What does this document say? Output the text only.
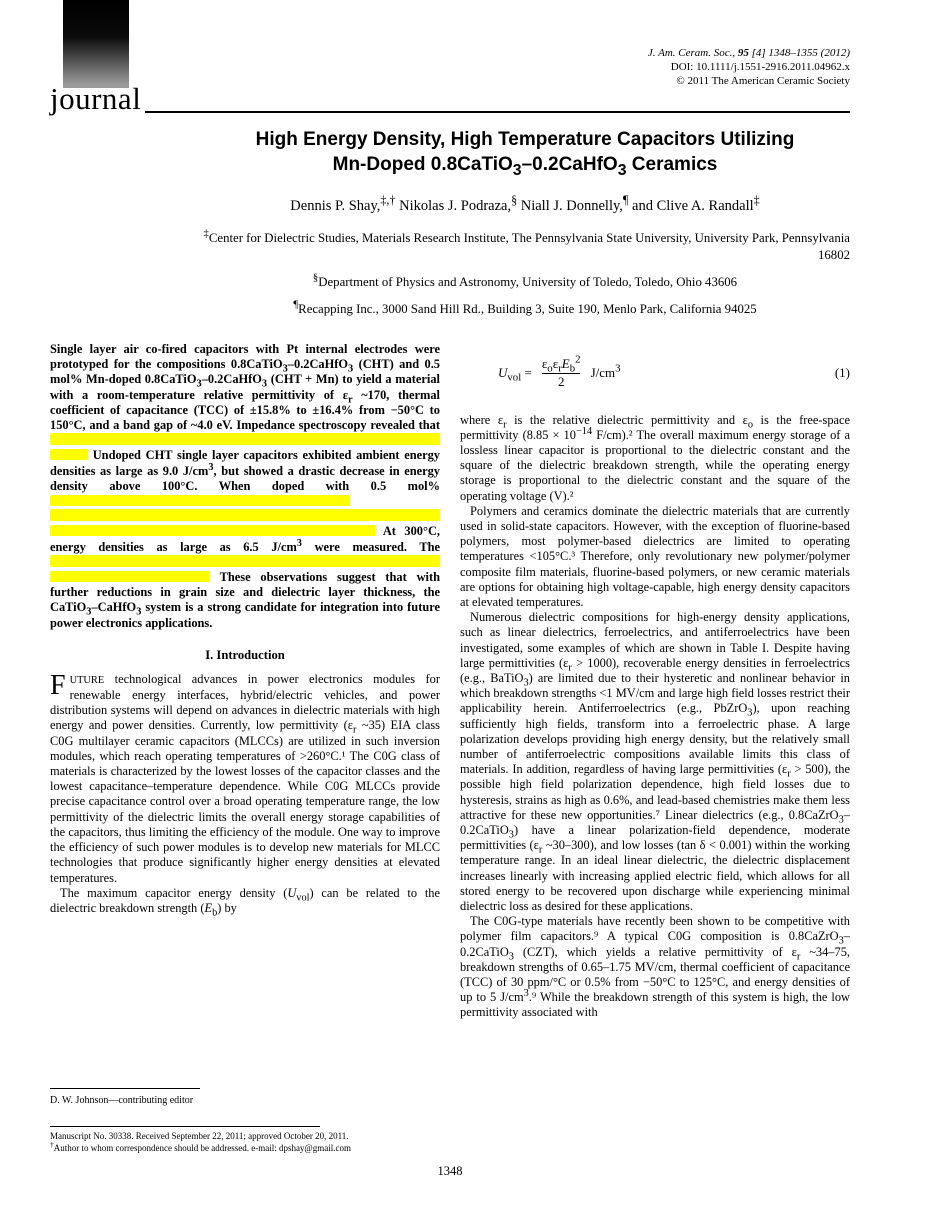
journal
J. Am. Ceram. Soc., 95 [4] 1348–1355 (2012)
DOI: 10.1111/j.1551-2916.2011.04962.x
© 2011 The American Ceramic Society
High Energy Density, High Temperature Capacitors Utilizing
Mn-Doped 0.8CaTiO$_3$–0.2CaHfO$_3$ Ceramics
Dennis P. Shay,‡,† Nikolas J. Podraza,§ Niall J. Donnelly,¶ and Clive A. Randall‡

‡Center for Dielectric Studies, Materials Research Institute, The Pennsylvania State University, University Park, Pennsylvania 16802

§Department of Physics and Astronomy, University of Toledo, Toledo, Ohio 43606

¶Recapping Inc., 3000 Sand Hill Rd., Building 3, Suite 190, Menlo Park, California 94025

Single layer air co-fired capacitors with Pt internal electrodes were prototyped for the compositions 0.8CaTiO$_3$–0.2CaHfO$_3$ (CHT) and 0.5 mol% Mn-doped 0.8CaTiO$_3$–0.2CaHfO$_3$ (CHT + Mn) to yield a material with a room-temperature relative permittivity of $\varepsilon_r$ ~170, thermal coefficient of capacitance (TCC) of ±15.8% to ±16.4% from −50°C to 150°C, and a band gap of ~4.0 eV. Impedance spectroscopy revealed that   Undoped CHT single layer capacitors exhibited ambient energy densities as large as 9.0 $J/cm^3$, but showed a drastic decrease in energy density above 100°C. When doped with 0.5 mol%    At 300°C, energy densities as large as 6.5 $J/cm^3$ were measured. The   These observations suggest that with further reductions in grain size and dielectric layer thickness, the CaTiO$_3$–CaHfO$_3$ system is a strong candidate for integration into future power electronics applications.

I. Introduction

FUTURE technological advances in power electronics modules for renewable energy interfaces, hybrid/electric vehicles, and power distribution systems will depend on advances in dielectric materials with high energy and power densities. Currently, low permittivity ($\varepsilon_r$ ~35) EIA class C0G multilayer ceramic capacitors (MLCCs) are utilized in such inversion modules, which reach operating temperatures of >260°C.¹ The C0G class of materials is characterized by the lowest losses of the capacitor classes and the lowest capacitance–temperature dependence. While C0G MLCCs provide precise capacitance control over a broad operating temperature range, the low permittivity of the dielectric limits the overall energy storage capabilities of the capacitors, thus limiting the efficiency of the module. One way to improve the efficiency of such power modules is to develop new materials for MLCC technologies that produce significantly higher energy densities at elevated temperatures.

The maximum capacitor energy density $(U_{vol})$ can be related to the dielectric breakdown strength $(E_b)$ by

D. W. Johnson—contributing editor

Manuscript No. 30338. Received September 22, 2011; approved October 20, 2011.

†Author to whom correspondence should be addressed. e-mail: dpshay@gmail.com

$U_{vol} = \frac{\varepsilon_o\varepsilon_rE_b^2}{2} J/cm^3$	(1)

where $\varepsilon_r$ is the relative dielectric permittivity and $\varepsilon_o$ is the free-space permittivity ($8.85 \times 10^{-14}$ F/cm).² The overall maximum energy storage of a lossless linear capacitor is proportional to the dielectric constant and the square of the dielectric breakdown strength, while the operating energy storage is proportional to the dielectric constant and the square of the operating voltage (V).²

Polymers and ceramics dominate the dielectric materials that are currently used in solid-state capacitors. However, with the exception of fluorine-based polymers, most polymer-based dielectrics are limited to operating temperatures <105°C.³ Therefore, only revolutionary new polymer/polymer composite film materials, fluorine-based polymers, or new ceramic materials are options for obtaining high voltage-capable, high energy density capacitors at elevated temperatures.

Numerous dielectric compositions for high-energy density applications, such as linear dielectrics, ferroelectrics, and antiferroelectrics have been investigated, some examples of which are shown in Table I. Despite having large permittivities $(\varepsilon_r > 1000)$, recoverable energy densities in ferroelectrics (e.g., BaTiO$_3$) are limited due to their hysteretic and nonlinear behavior in which breakdown strengths <1 MV/cm and large high field losses restrict their applicability herein. Antiferroelectrics (e.g., PbZrO$_3$), upon reaching sufficiently high fields, transform into a ferroelectric phase. A large polarization develops providing high energy density, but the relatively small number of antiferroelectric compositions available limits this class of materials. In addition, regardless of having large permittivities $(\varepsilon_r > 500)$, the possible high field polarization dependence, high field losses due to hysteresis, strains as high as 0.6%, and lead-based chemistries make them less attractive for these new opportunities.⁷ Linear dielectrics (e.g., 0.8CaZrO$_3$–0.2CaTiO$_3$) have a linear polarization-field dependence, moderate permittivities ($\varepsilon_r$ ~30–300), and low losses (tan δ < 0.001) within the working temperature range. In an ideal linear dielectric, the dielectric displacement increases linearly with increasing applied electric field, which allows for all stored energy to be recovered upon discharge while experiencing minimal dielectric loss as desired for these applications.

The C0G-type materials have recently been shown to be competitive with polymer film capacitors.⁹ A typical C0G composition is 0.8CaZrO$_3$–0.2CaTiO$_3$ (CZT), which yields a relative permittivity of $\varepsilon_r$ ~34–75, breakdown strengths of 0.65–1.75 MV/cm, thermal coefficient of capacitance (TCC) of 30 ppm/°C or 0.5% from −50°C to 125°C, and energy densities of up to 5 $J/cm^3.^9$ While the breakdown strength of this system is high, the low permittivity associated with

1348
